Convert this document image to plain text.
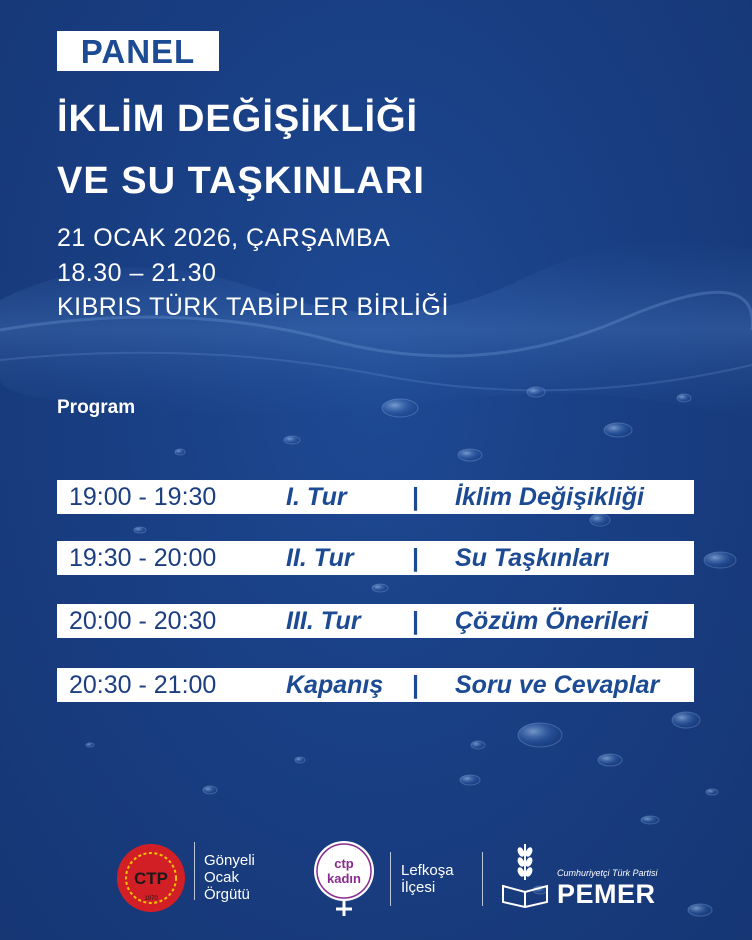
PANEL
İKLİM DEĞİŞİKLİĞİ
VE SU TAŞKINLARI
21 OCAK 2026, ÇARŞAMBA
18.30 – 21.30
KIBRIS TÜRK TABİPLER BİRLİĞİ
Program
19:00 - 19:30	I. Tur	| İklim Değişikliği
19:30 - 20:00	II. Tur | Su Taşkınları
20:00 - 20:30	III. Tur | Çözüm Önerileri
20:30 - 21:00	Kapanış | Soru ve Cevaplar
CTP
1970
Gönyeli
Ocak
Örgütü
ctp
kadın	Lefkoşa
İlçesi
Cumhuriyetçi Türk Partisi
PEMER
